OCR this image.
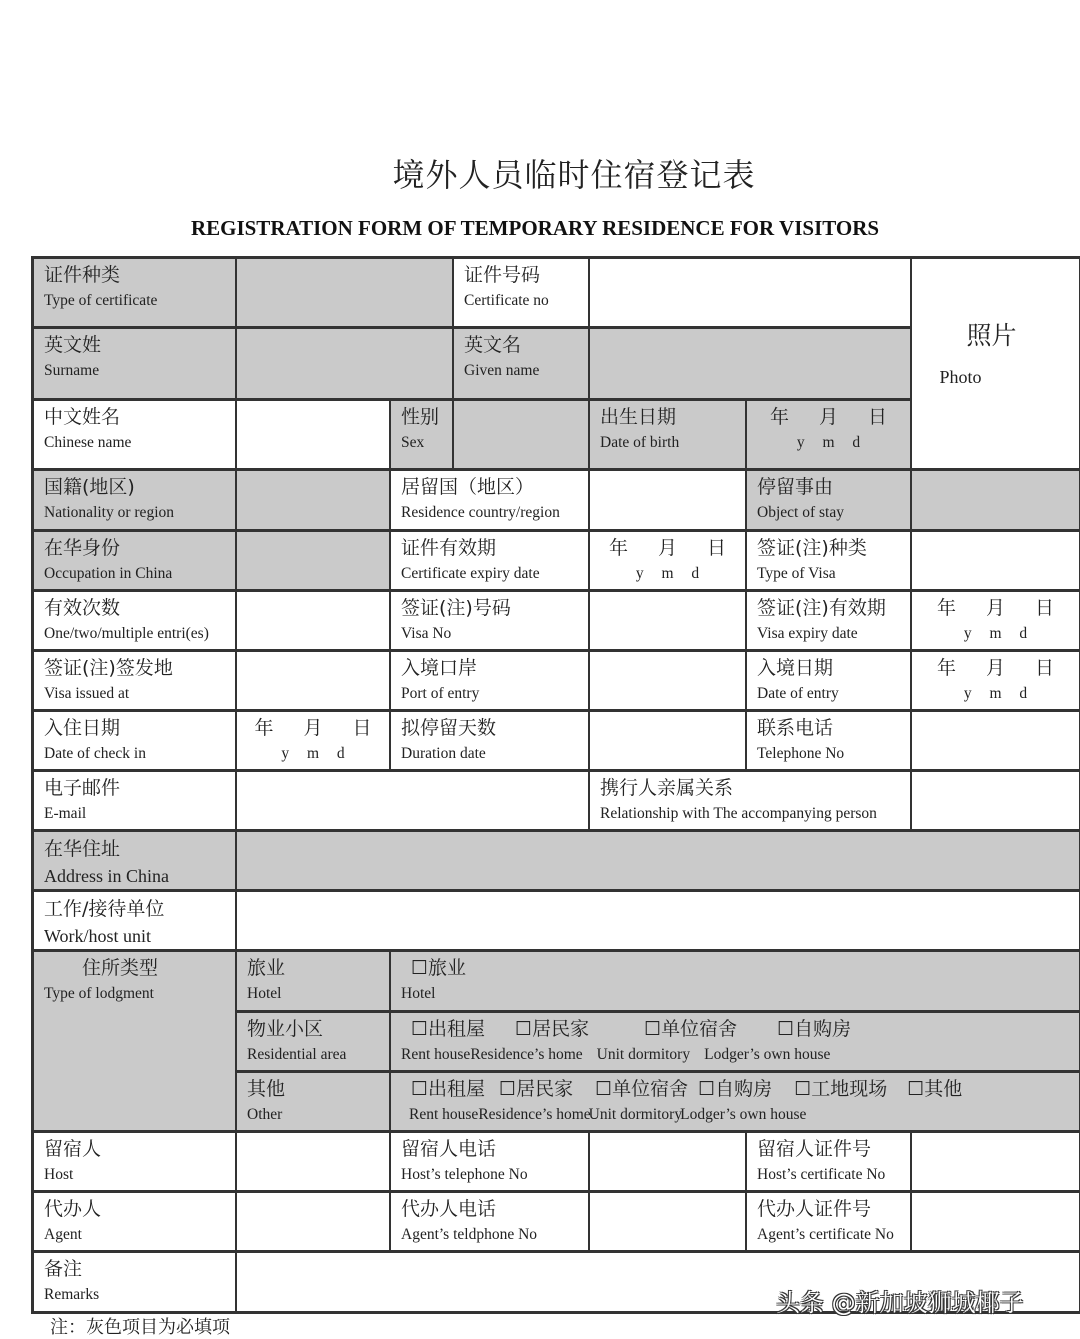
境外人员临时住宿登记表
REGISTRATION FORM OF TEMPORARY RESIDENCE FOR VISITORS
证件种类
Type of certificate
证件号码
Certificate no
照片
Photo
英文姓
Surname
英文名
Given name
中文姓名
Chinese name
性别
Sex
出生日期
Date of birth
年 月 日
y m d
国籍(地区)
Nationality or region
居留国（地区）
Residence country/region
停留事由
Object of stay
在华身份
Occupation in China
证件有效期
Certificate expiry date
年 月 日
y m d
签证(注)种类
Type of Visa
有效次数
One/two/multiple entri(es)
签证(注)号码
Visa No
签证(注)有效期
Visa expiry date
年 月 日
y m d
签证(注)签发地
Visa issued at
入境口岸
Port of entry
入境日期
Date of entry
年 月 日
y m d
入住日期
Date of check in
年 月 日
y m d
拟停留天数
Duration date
联系电话
Telephone No
电子邮件
E-mail
携行人亲属关系
Relationship with The accompanying person
在华住址
Address in China
工作/接待单位
Work/host unit
住所类型
Type of lodgment
旅业
Hotel
☐旅业
Hotel
物业小区
Residential area
☐出租屋 ☐居民家	☐单位宿舍 ☐自购房
Rent house Residence’s home Unit dormitory Lodger’s own house
其他
Other
☐出租屋 ☐居民家 ☐单位宿舍 ☐自购房 ☐工地现场 ☐其他
Rent house Residence’s home
Unit dormitory
Lodger’s own house
留宿人
Host
留宿人电话
Host’s telephone No
留宿人证件号
Host’s certificate No
代办人
Agent
代办人电话
Agent’s teldphone No
代办人证件号
Agent’s certificate No
备注
Remarks
注：灰色项目为必填项
头条 @新加坡狮城椰子
